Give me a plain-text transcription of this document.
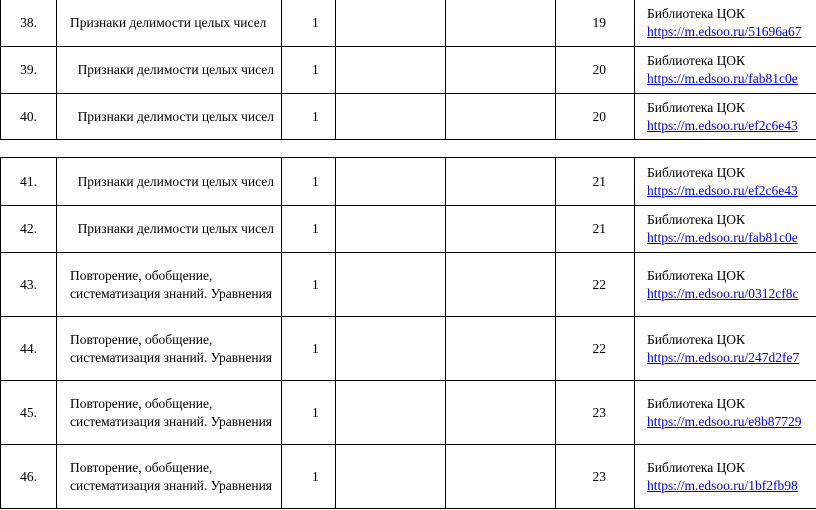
38.	Признаки делимости целых чисел	1			19	Библиотека ЦОК
https://m.edsoo.ru/51696a67

39.	Признаки делимости целых чисел	1			20	Библиотека ЦОК
https://m.edsoo.ru/fab81c0e

40.	Признаки делимости целых чисел	1			20	Библиотека ЦОК
https://m.edsoo.ru/ef2c6e43
41.	Признаки делимости целых чисел	1			21	Библиотека ЦОК
https://m.edsoo.ru/ef2c6e43

42.	Признаки делимости целых чисел	1			21	Библиотека ЦОК
https://m.edsoo.ru/fab81c0e

43.	Повторение, обобщение, систематизация знаний. Уравнения	1			22	Библиотека ЦОК
https://m.edsoo.ru/0312cf8c

44.	Повторение, обобщение, систематизация знаний. Уравнения	1			22	Библиотека ЦОК
https://m.edsoo.ru/247d2fe7

45.	Повторение, обобщение, систематизация знаний. Уравнения	1			23	Библиотека ЦОК
https://m.edsoo.ru/e8b87729

46.	Повторение, обобщение, систематизация знаний. Уравнения	1			23	Библиотека ЦОК
https://m.edsoo.ru/1bf2fb98
